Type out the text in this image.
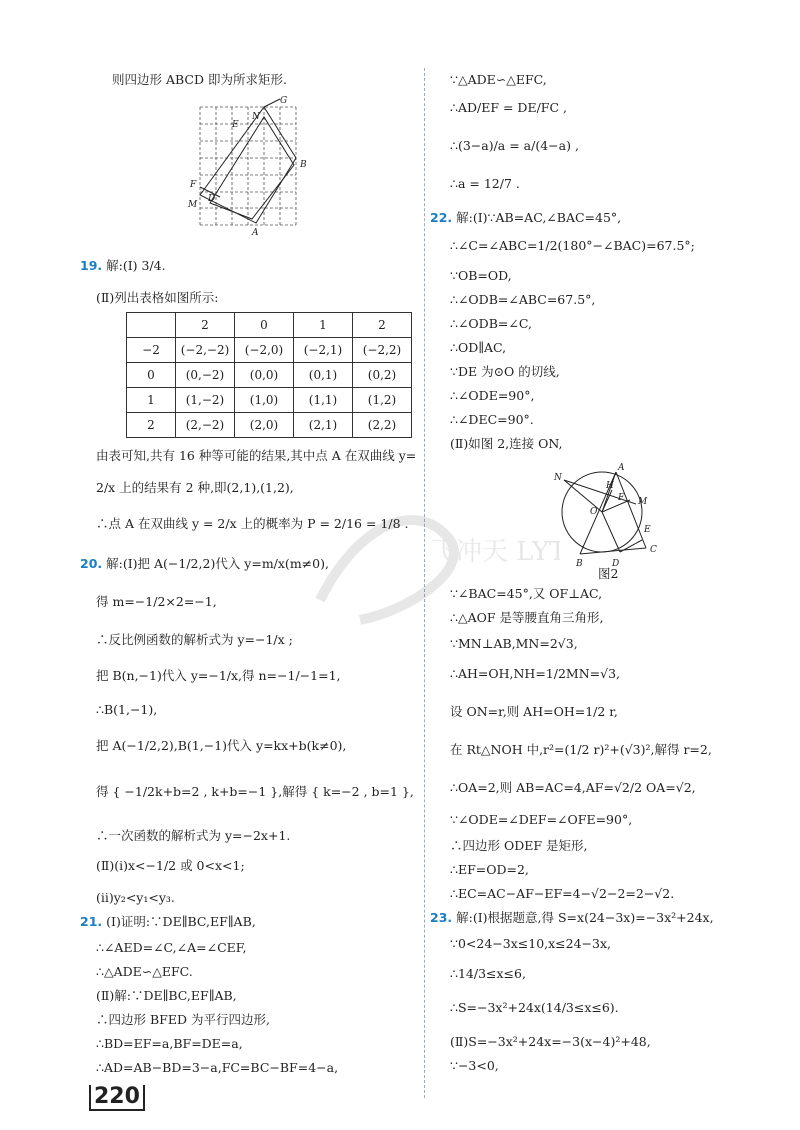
则四边形 ABCD 即为所求矩形.
G
N
E
B
F
M
D
A
19. 解:(Ⅰ) 3/4.
(Ⅱ)列出表格如图所示:
	2	0	1	2
−2	(−2,−2)	(−2,0)	(−2,1)	(−2,2)
0	(0,−2)	(0,0)	(0,1)	(0,2)
1	(1,−2)	(1,0)	(1,1)	(1,2)
2	(2,−2)	(2,0)	(2,1)	(2,2)
由表可知,共有 16 种等可能的结果,其中点 A 在双曲线 y=
2/x 上的结果有 2 种,即(2,1),(1,2),
∴点 A 在双曲线 y = 2/x 上的概率为 P = 2/16 = 1/8 .
20. 解:(Ⅰ)把 A(−1/2,2)代入 y=m/x(m≠0),
得 m=−1/2×2=−1,
∴反比例函数的解析式为 y=−1/x ;
把 B(n,−1)代入 y=−1/x,得 n=−1/−1=1,
∴B(1,−1),
把 A(−1/2,2),B(1,−1)代入 y=kx+b(k≠0),
得 { −1/2k+b=2 , k+b=−1 },解得 { k=−2 , b=1 },
∴一次函数的解析式为 y=−2x+1.
(Ⅱ)(ⅰ)x<−1/2 或 0<x<1;
(ⅱ)y₂<y₁<y₃.
21. (Ⅰ)证明:∵DE∥BC,EF∥AB,
∴∠AED=∠C,∠A=∠CEF,
∴△ADE∽△EFC.
(Ⅱ)解:∵DE∥BC,EF∥AB,
∴四边形 BFED 为平行四边形,
∴BD=EF=a,BF=DE=a,
∴AD=AB−BD=3−a,FC=BC−BF=4−a,
∵△ADE∽△EFC,
∴AD/EF = DE/FC ,
∴(3−a)/a = a/(4−a) ,
∴a = 12/7 .
22. 解:(Ⅰ)∵AB=AC,∠BAC=45°,
∴∠C=∠ABC=1/2(180°−∠BAC)=67.5°;
∵OB=OD,
∴∠ODB=∠ABC=67.5°,
∴∠ODB=∠C,
∴OD∥AC,
∵DE 为⊙O 的切线,
∴∠ODE=90°,
∴∠DEC=90°.
(Ⅱ)如图 2,连接 ON,
N
A
H
F
O
M
E
B	D
C
图2
∵∠BAC=45°,又 OF⊥AC,
∴△AOF 是等腰直角三角形,
∵MN⊥AB,MN=2√3,
∴AH=OH,NH=1/2MN=√3,
设 ON=r,则 AH=OH=1/2 r,
在 Rt△NOH 中,r²=(1/2 r)²+(√3)²,解得 r=2,
∴OA=2,则 AB=AC=4,AF=√2/2 OA=√2,
∵∠ODE=∠DEF=∠OFE=90°,
∴四边形 ODEF 是矩形,
∴EF=OD=2,
∴EC=AC−AF−EF=4−√2−2=2−√2.
23. 解:(Ⅰ)根据题意,得 S=x(24−3x)=−3x²+24x,
∵0<24−3x≤10,x≤24−3x,
∴14/3≤x≤6,
∴S=−3x²+24x(14/3≤x≤6).
(Ⅱ)S=−3x²+24x=−3(x−4)²+48,
∵−3<0,
飞冲天 LYT
220
